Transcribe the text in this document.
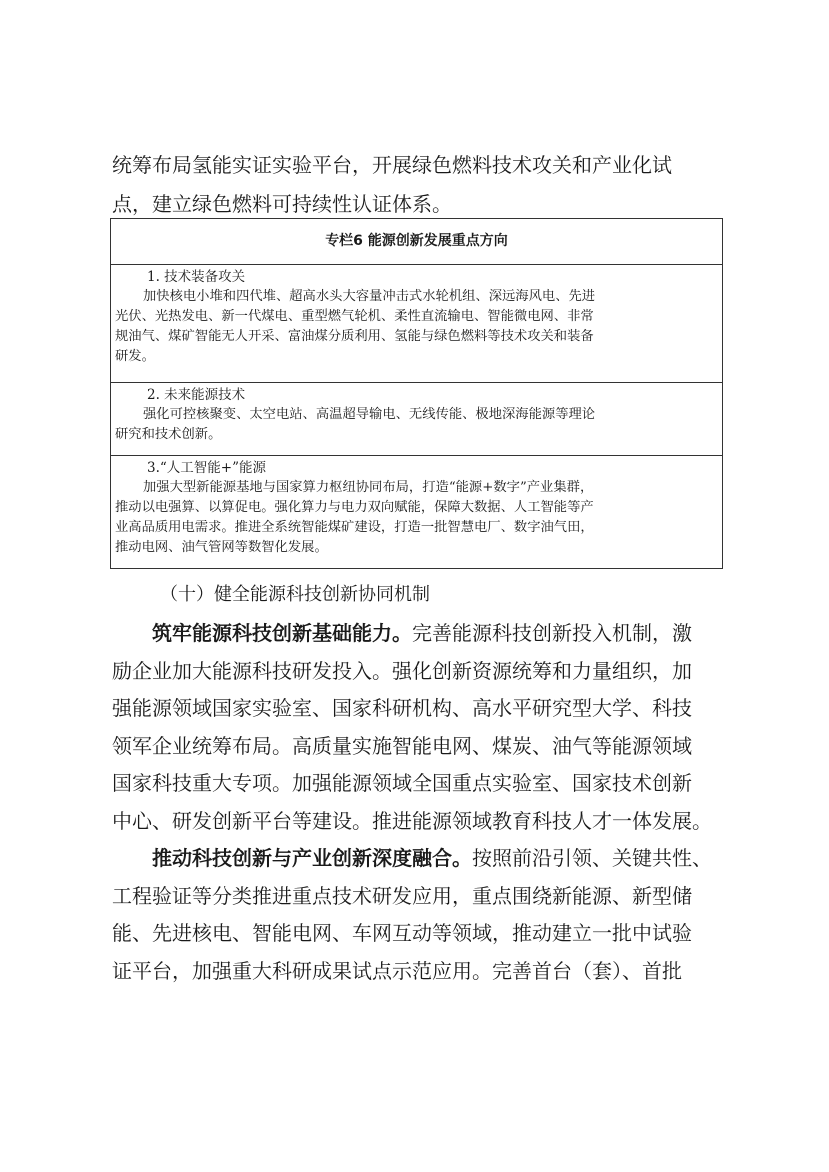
统筹布局氢能实证实验平台，开展绿色燃料技术攻关和产业化试
点，建立绿色燃料可持续性认证体系。
专栏6 能源创新发展重点方向
1. 技术装备攻关
加快核电小堆和四代堆、超高水头大容量冲击式水轮机组、深远海风电、先进
光伏、光热发电、新一代煤电、重型燃气轮机、柔性直流输电、智能微电网、非常
规油气、煤矿智能无人开采、富油煤分质利用、氢能与绿色燃料等技术攻关和装备
研发。
2. 未来能源技术
强化可控核聚变、太空电站、高温超导输电、无线传能、极地深海能源等理论
研究和技术创新。
3.“人工智能+”能源
加强大型新能源基地与国家算力枢纽协同布局，打造“能源+数字”产业集群，
推动以电强算、以算促电。强化算力与电力双向赋能，保障大数据、人工智能等产
业高品质用电需求。推进全系统智能煤矿建设，打造一批智慧电厂、数字油气田，
推动电网、油气管网等数智化发展。
（十）健全能源科技创新协同机制
筑牢能源科技创新基础能力。完善能源科技创新投入机制，激
励企业加大能源科技研发投入。强化创新资源统筹和力量组织，加
强能源领域国家实验室、国家科研机构、高水平研究型大学、科技
领军企业统筹布局。高质量实施智能电网、煤炭、油气等能源领域
国家科技重大专项。加强能源领域全国重点实验室、国家技术创新
中心、研发创新平台等建设。推进能源领域教育科技人才一体发展。
推动科技创新与产业创新深度融合。按照前沿引领、关键共性、
工程验证等分类推进重点技术研发应用，重点围绕新能源、新型储
能、先进核电、智能电网、车网互动等领域，推动建立一批中试验
证平台，加强重大科研成果试点示范应用。完善首台（套）、首批
